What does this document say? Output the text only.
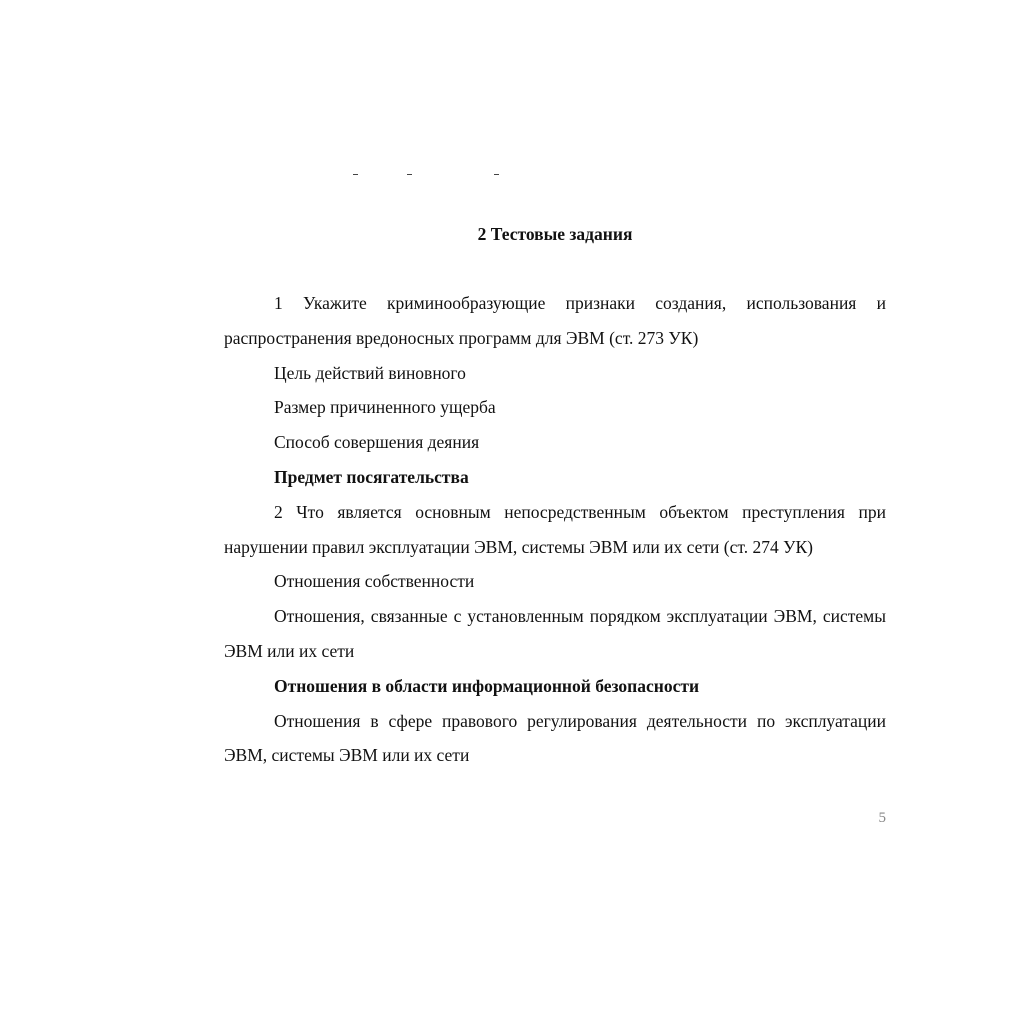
2 Тестовые задания

1 Укажите криминообразующие признаки создания, использования и распространения вредоносных программ для ЭВМ (ст. 273 УК)

Цель действий виновного

Размер причиненного ущерба

Способ совершения деяния

Предмет посягательства

2 Что является основным непосредственным объектом преступления при нарушении правил эксплуатации ЭВМ, системы ЭВМ или их сети (ст. 274 УК)

Отношения собственности

Отношения, связанные с установленным порядком эксплуатации ЭВМ, системы ЭВМ или их сети

Отношения в области информационной безопасности

Отношения в сфере правового регулирования деятельности по эксплуатации ЭВМ, системы ЭВМ или их сети

5
